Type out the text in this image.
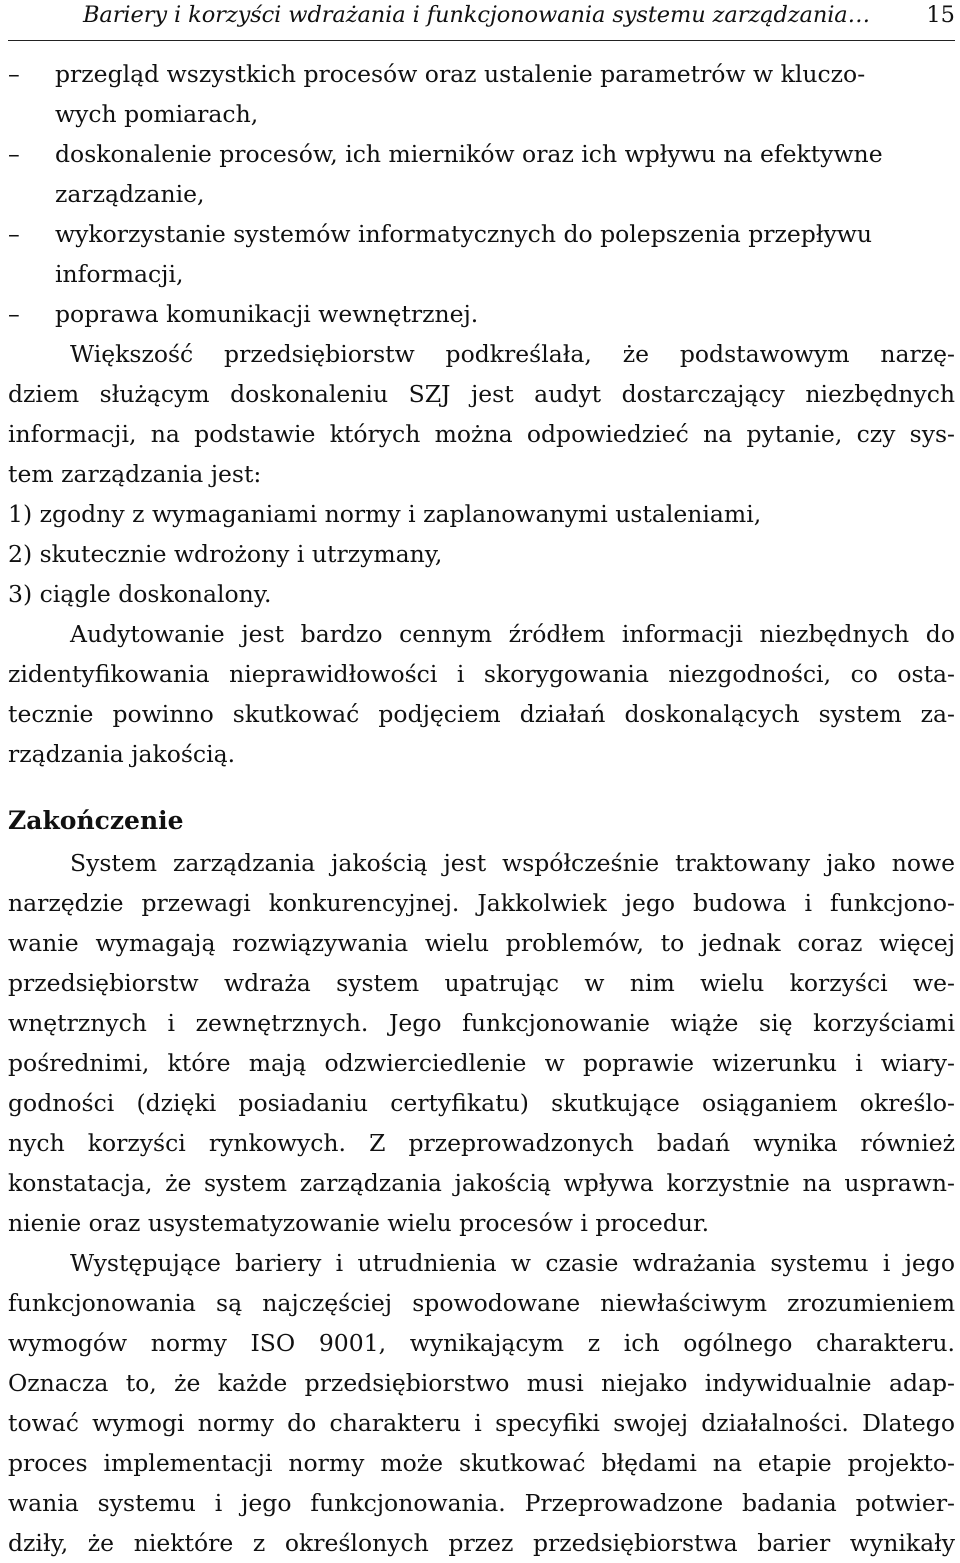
Bariery i korzyści wdrażania i funkcjonowania systemu zarządzania…	15
– przegląd wszystkich procesów oraz ustalenie parametrów w kluczo-
wych pomiarach,
– doskonalenie procesów, ich mierników oraz ich wpływu na efektywne
zarządzanie,
– wykorzystanie systemów informatycznych do polepszenia przepływu
informacji,
– poprawa komunikacji wewnętrznej.
Większość przedsiębiorstw podkreślała, że podstawowym narzę-
dziem służącym doskonaleniu SZJ jest audyt dostarczający niezbędnych
informacji, na podstawie których można odpowiedzieć na pytanie, czy sys-
tem zarządzania jest:
1) zgodny z wymaganiami normy i zaplanowanymi ustaleniami,
2) skutecznie wdrożony i utrzymany,
3) ciągle doskonalony.
Audytowanie jest bardzo cennym źródłem informacji niezbędnych do
zidentyfikowania nieprawidłowości i skorygowania niezgodności, co osta-
tecznie powinno skutkować podjęciem działań doskonalących system za-
rządzania jakością.
Zakończenie
System zarządzania jakością jest współcześnie traktowany jako nowe
narzędzie przewagi konkurencyjnej. Jakkolwiek jego budowa i funkcjono-
wanie wymagają rozwiązywania wielu problemów, to jednak coraz więcej
przedsiębiorstw wdraża system upatrując w nim wielu korzyści we-
wnętrznych i zewnętrznych. Jego funkcjonowanie wiąże się korzyściami
pośrednimi, które mają odzwierciedlenie w poprawie wizerunku i wiary-
godności (dzięki posiadaniu certyfikatu) skutkujące osiąganiem określo-
nych korzyści rynkowych. Z przeprowadzonych badań wynika również
konstatacja, że system zarządzania jakością wpływa korzystnie na usprawn-
nienie oraz usystematyzowanie wielu procesów i procedur.
Występujące bariery i utrudnienia w czasie wdrażania systemu i jego
funkcjonowania są najczęściej spowodowane niewłaściwym zrozumieniem
wymogów normy ISO 9001, wynikającym z ich ogólnego charakteru.
Oznacza to, że każde przedsiębiorstwo musi niejako indywidualnie adap-
tować wymogi normy do charakteru i specyfiki swojej działalności. Dlatego
proces implementacji normy może skutkować błędami na etapie projekto-
wania systemu i jego funkcjonowania. Przeprowadzone badania potwier-
dziły, że niektóre z określonych przez przedsiębiorstwa barier wynikały
